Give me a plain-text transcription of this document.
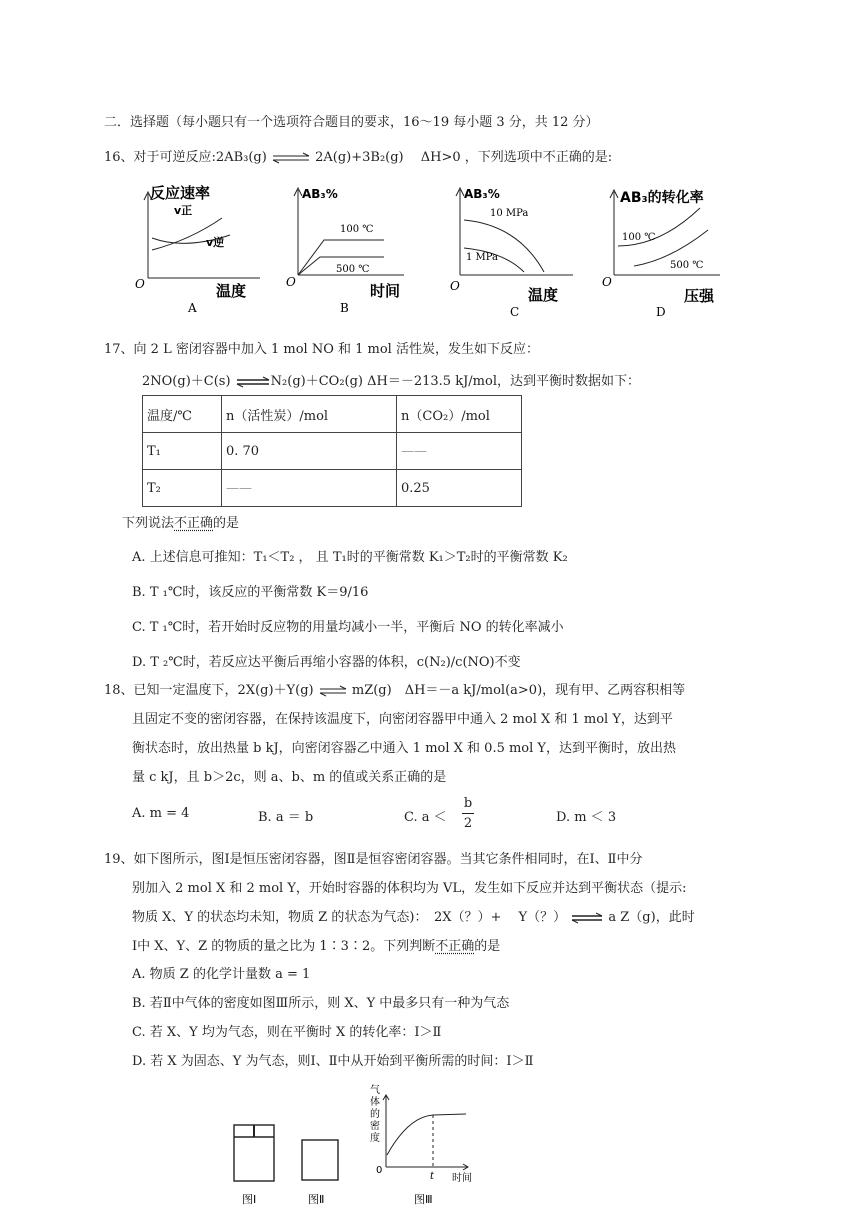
二．选择题（每小题只有一个选项符合题目的要求，16～19 每小题 3 分，共 12 分）
16、对于可逆反应:2AB₃(g) ⇌ 2A(g)+3B₂(g)　 ΔH>0 ，下列选项中不正确的是:
反应速率
v正
v逆
O	温度
A
AB₃%
100 ℃
500 ℃
O	时间
B
AB₃%
10 MPa
1 MPa
O	温度
C
AB₃的转化率
100 ℃
500 ℃
O
压强
D
17、向 2 L 密闭容器中加入 1 mol NO 和 1 mol 活性炭，发生如下反应：
2NO(g)＋C(s) ⇌N₂(g)＋CO₂(g) ΔH＝－213.5 kJ/mol，达到平衡时数据如下：
温度/℃	n（活性炭）/mol	n（CO₂）/mol
T₁	0. 70	——
T₂	——	0.25
下列说法不正确的是
A. 上述信息可推知：T₁＜T₂ ， 且 T₁时的平衡常数 K₁＞T₂时的平衡常数 K₂
B. T ₁℃时，该反应的平衡常数 K＝9/16
C. T ₁℃时，若开始时反应物的用量均减小一半，平衡后 NO 的转化率减小
D. T ₂℃时，若反应达平衡后再缩小容器的体积，c(N₂)/c(NO)不变
18、已知一定温度下，2X(g)＋Y(g) ⇌ mZ(g)　ΔH＝－a kJ/mol(a>0)，现有甲、乙两容积相等
且固定不变的密闭容器，在保持该温度下，向密闭容器甲中通入 2 mol X 和 1 mol Y，达到平
衡状态时，放出热量 b kJ，向密闭容器乙中通入 1 mol X 和 0.5 mol Y，达到平衡时，放出热
量 c kJ，且 b＞2c，则 a、b、m 的值或关系正确的是
A. m = 4	B. a ＝ b	C. a ＜
b
2	D. m ＜ 3
19、如下图所示，图Ⅰ是恒压密闭容器，图Ⅱ是恒容密闭容器。当其它条件相同时，在Ⅰ、Ⅱ中分
别加入 2 mol X 和 2 mol Y，开始时容器的体积均为 VL，发生如下反应并达到平衡状态（提示:
物质 X、Y 的状态均未知，物质 Z 的状态为气态)：　2X（？）+　 Y（？） ⇌ a Z（g)，此时
Ⅰ中 X、Y、Z 的物质的量之比为 1∶3∶2。下列判断不正确的是
A. 物质 Z 的化学计量数 a = 1
B. 若Ⅱ中气体的密度如图Ⅲ所示，则 X、Y 中最多只有一种为气态
C. 若 X、Y 均为气态，则在平衡时 X 的转化率：Ⅰ＞Ⅱ
D. 若 X 为固态、Y 为气态，则Ⅰ、Ⅱ中从开始到平衡所需的时间：Ⅰ＞Ⅱ
气
体
的
密
度
0
t 时间
图Ⅰ	图Ⅱ	图Ⅲ
